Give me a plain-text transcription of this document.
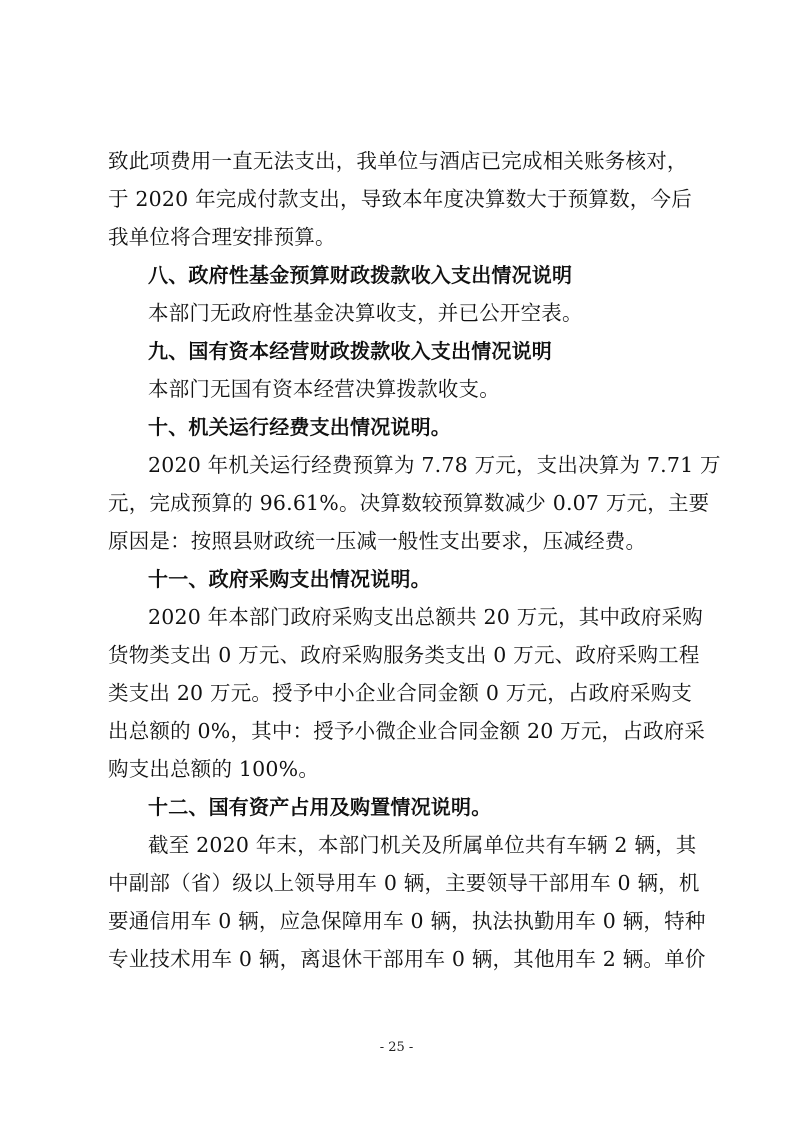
致此项费用一直无法支出，我单位与酒店已完成相关账务核对，
于 2020 年完成付款支出，导致本年度决算数大于预算数，今后
我单位将合理安排预算。
八、政府性基金预算财政拨款收入支出情况说明
本部门无政府性基金决算收支，并已公开空表。
九、国有资本经营财政拨款收入支出情况说明
本部门无国有资本经营决算拨款收支。
十、机关运行经费支出情况说明。
2020 年机关运行经费预算为 7.78 万元，支出决算为 7.71 万
元，完成预算的 96.61%。决算数较预算数减少 0.07 万元，主要
原因是：按照县财政统一压减一般性支出要求，压减经费。
十一、政府采购支出情况说明。
2020 年本部门政府采购支出总额共 20 万元，其中政府采购
货物类支出 0 万元、政府采购服务类支出 0 万元、政府采购工程
类支出 20 万元。授予中小企业合同金额 0 万元，占政府采购支
出总额的 0%，其中：授予小微企业合同金额 20 万元，占政府采
购支出总额的 100%。
十二、国有资产占用及购置情况说明。
截至 2020 年末，本部门机关及所属单位共有车辆 2 辆，其
中副部（省）级以上领导用车 0 辆，主要领导干部用车 0 辆，机
要通信用车 0 辆，应急保障用车 0 辆，执法执勤用车 0 辆，特种
专业技术用车 0 辆，离退休干部用车 0 辆，其他用车 2 辆。单价
- 25 -
